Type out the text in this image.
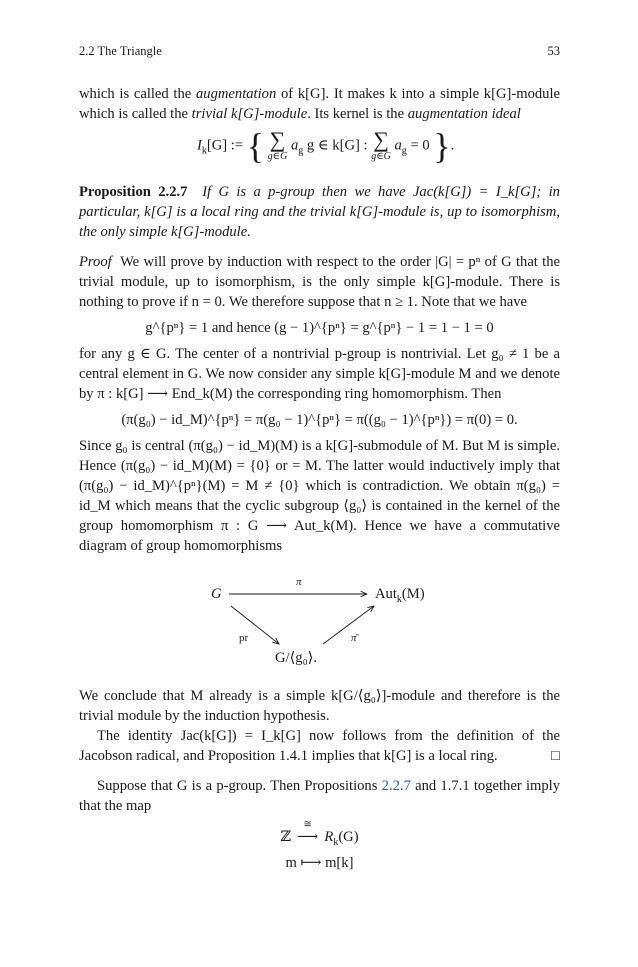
2.2 The Triangle	53

which is called the augmentation of k[G]. It makes k into a simple k[G]-module which is called the trivial k[G]-module. Its kernel is the augmentation ideal

$I_k[G]$ := { ∑
g∈G
$a_g$ g ∈ k[G] : ∑
g∈G
$a_g = 0$ }.

Proposition 2.2.7 If G is a p-group then we have Jac(k[G]) = I_k[G]; in particular, k[G] is a local ring and the trivial k[G]-module is, up to isomorphism, the only simple k[G]-module.

Proof We will prove by induction with respect to the order |G| = pⁿ of G that the trivial module, up to isomorphism, is the only simple k[G]-module. There is nothing to prove if n = 0. We therefore suppose that n ≥ 1. Note that we have

g^{pⁿ} = 1 and hence (g − 1)^{pⁿ} = g^{pⁿ} − 1 = 1 − 1 = 0

for any g ∈ G. The center of a nontrivial p-group is nontrivial. Let g₀ ≠ 1 be a central element in G. We now consider any simple k[G]-module M and we denote by π : k[G] ⟶ End_k(M) the corresponding ring homomorphism. Then

(π(g₀) − id_M)^{pⁿ} = π(g₀ − 1)^{pⁿ} = π((g₀ − 1)^{pⁿ}) = π(0) = 0.

Since g₀ is central (π(g₀) − id_M)(M) is a k[G]-submodule of M. But M is simple. Hence (π(g₀) − id_M)(M) = {0} or = M. The latter would inductively imply that (π(g₀) − id_M)^{pⁿ}(M) = M ≠ {0} which is contradiction. We obtain π(g₀) = id_M which means that the cyclic subgroup ⟨g₀⟩ is contained in the kernel of the group homomorphism π : G ⟶ Aut_k(M). Hence we have a commutative diagram of group homomorphisms

G	Aut$_k$(M)
G/⟨g₀⟩.
π
pr	π̄

We conclude that M already is a simple k[G/⟨g₀⟩]-module and therefore is the trivial module by the induction hypothesis.

The identity Jac(k[G]) = I_k[G] now follows from the definition of the Jacobson radical, and Proposition 1.4.1 implies that k[G] is a local ring.	□

Suppose that G is a p-group. Then Propositions 2.2.7 and 1.7.1 together imply that the map

ℤ
≅
⟶ $R_k(G)$
m ⟼ m[k]
